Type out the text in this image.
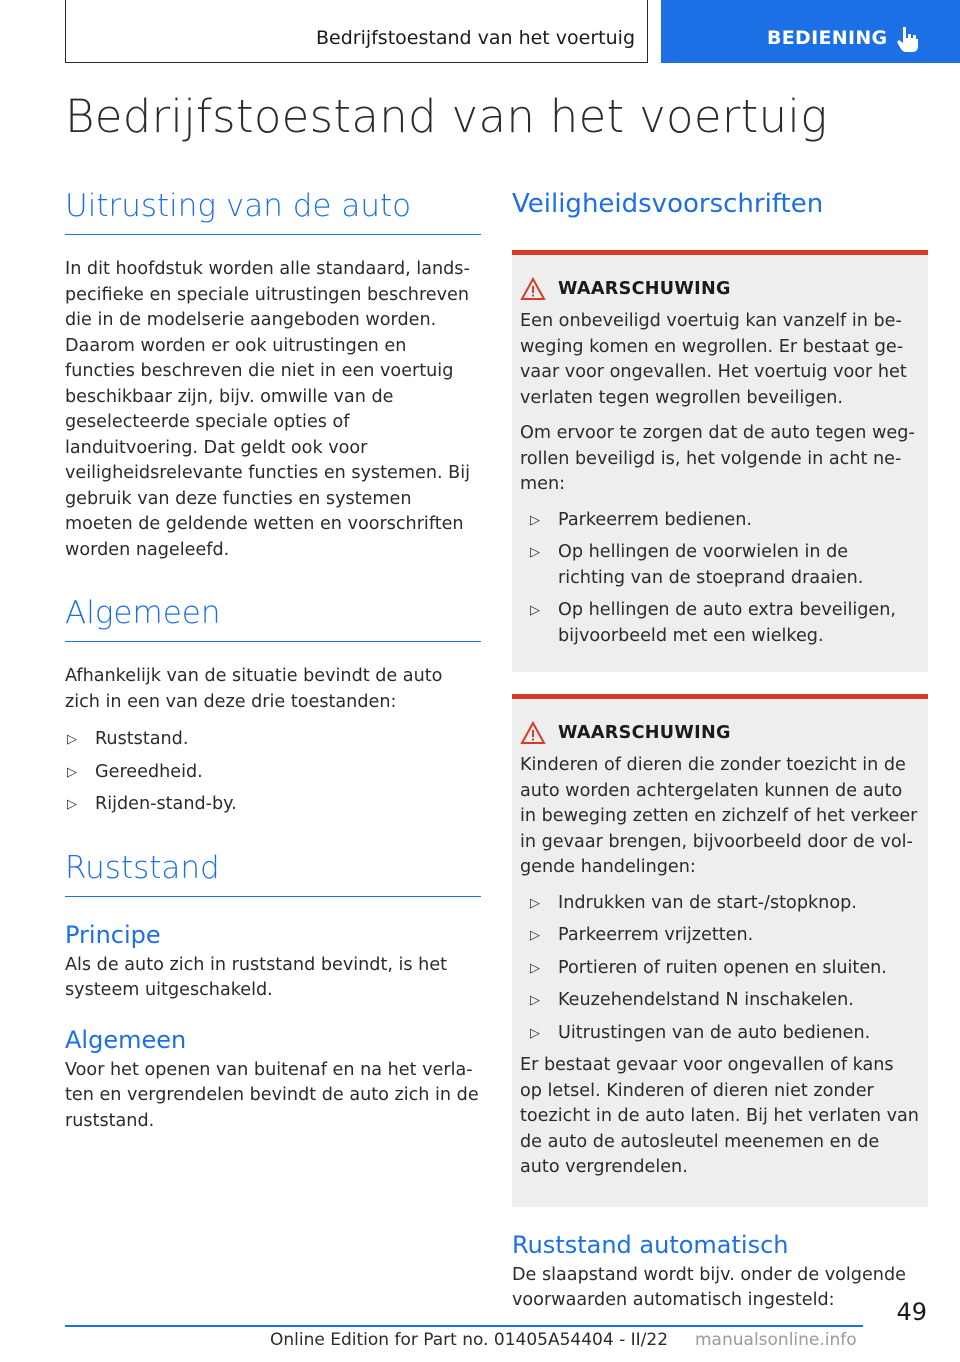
Bedrijfstoestand van het voertuig	BEDIENING
Bedrijfstoestand van het voertuig
Uitrusting van de auto

In dit hoofdstuk worden alle standaard, landspecifieke en speciale uitrustingen beschreven die in de modelserie aangeboden worden. Daarom worden er ook uitrustingen en functies beschreven die niet in een voertuig beschikbaar zijn, bijv. omwille van de geselecteerde speciale opties of landuitvoering. Dat geldt ook voor veiligheidsrelevante functies en systemen. Bij gebruik van deze functies en systemen moeten de geldende wetten en voorschriften worden nageleefd.

Algemeen

Afhankelijk van de situatie bevindt de auto zich in een van deze drie toestanden:

▷ Ruststand.
▷ Gereedheid.
▷ Rijden-stand-by.
Ruststand
Principe

Als de auto zich in ruststand bevindt, is het systeem uitgeschakeld.

Algemeen

Voor het openen van buitenaf en na het verlaten en vergrendelen bevindt de auto zich in de ruststand.

Veiligheidsvoorschriften
WAARSCHUWING

Een onbeveiligd voertuig kan vanzelf in beweging komen en wegrollen. Er bestaat gevaar voor ongevallen. Het voertuig voor het verlaten tegen wegrollen beveiligen.

Om ervoor te zorgen dat de auto tegen wegrollen beveiligd is, het volgende in acht nemen:

▷ Parkeerrem bedienen.
▷ Op hellingen de voorwielen in de richting van de stoeprand draaien.
▷ Op hellingen de auto extra beveiligen, bijvoorbeeld met een wielkeg.
WAARSCHUWING

Kinderen of dieren die zonder toezicht in de auto worden achtergelaten kunnen de auto in beweging zetten en zichzelf of het verkeer in gevaar brengen, bijvoorbeeld door de volgende handelingen:

▷ Indrukken van de start-/stopknop.
▷ Parkeerrem vrijzetten.
▷ Portieren of ruiten openen en sluiten.
▷ Keuzehendelstand N inschakelen.
▷ Uitrustingen van de auto bedienen.

Er bestaat gevaar voor ongevallen of kans op letsel. Kinderen of dieren niet zonder toezicht in de auto laten. Bij het verlaten van de auto de autosleutel meenemen en de auto vergrendelen.

Ruststand automatisch

De slaapstand wordt bijv. onder de volgende voorwaarden automatisch ingesteld:	49
Online Edition for Part no. 01405A54404 - II/22 manualsonline.info
